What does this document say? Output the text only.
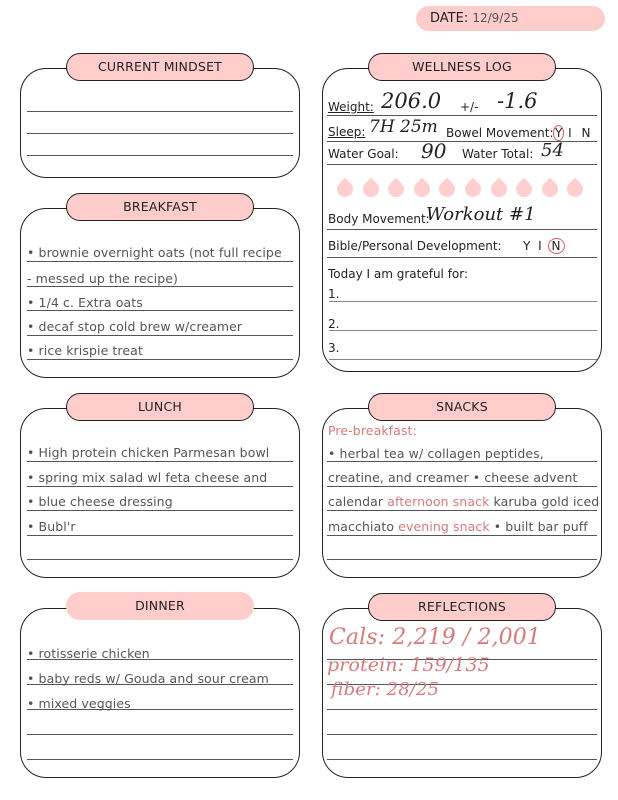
DATE: 12/9/25
CURRENT MINDSET
• brownie overnight oats (not full recipe
- messed up the recipe)
• 1/4 c. Extra oats
• decaf stop cold brew w/creamer
• rice krispie treat
BREAKFAST
• High protein chicken Parmesan bowl
• spring mix salad wl feta cheese and
• blue cheese dressing
• Bubl'r
LUNCH
• rotisserie chicken
• baby reds w/ Gouda and sour cream
• mixed veggies
DINNER
Weight: 206.0 +/- -1.6
Sleep: 7H 25m Bowel Movement: Y I N
Water Goal: 90 Water Total: 54
Body Movement:
Workout #1
Bible/Personal Development: Y I N
Today I am grateful for:
1.
2.
3.
WELLNESS LOG
Pre-breakfast:
• herbal tea w/ collagen peptides,
creatine, and creamer • cheese advent
calendar afternoon snack karuba gold iced
macchiato evening snack • built bar puff
SNACKS
Cals: 2,219 / 2,001
protein: 159/135
fiber: 28/25
REFLECTIONS
